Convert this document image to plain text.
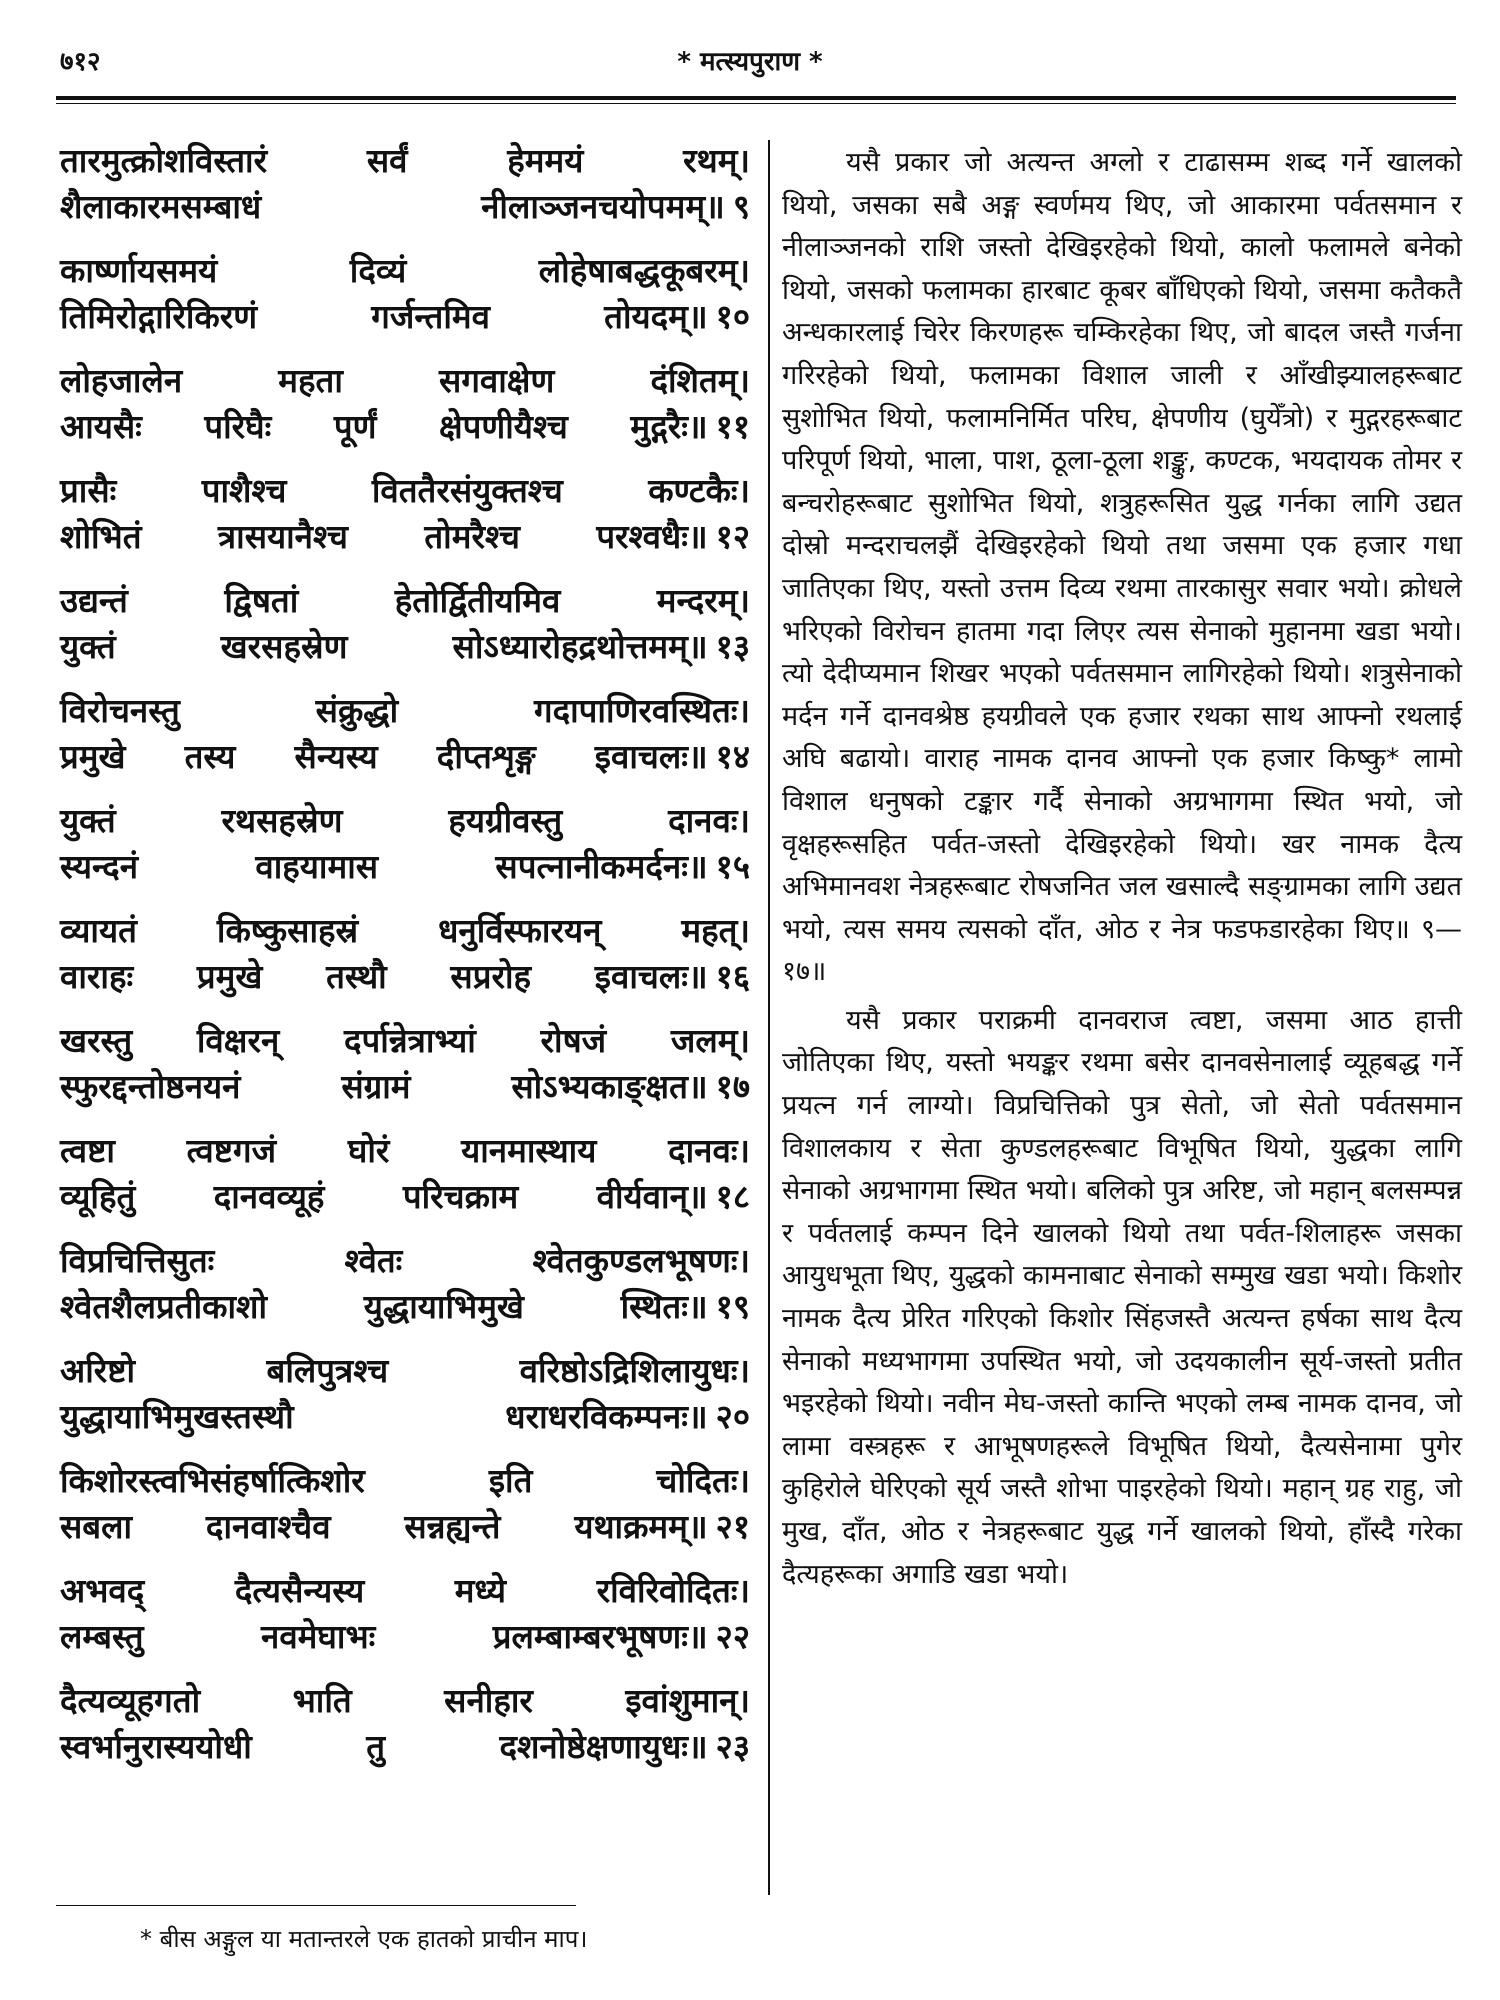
७१२	* मत्स्यपुराण *
तारमुत्क्रोशविस्तारं सर्वं हेममयं रथम्।
शैलाकारमसम्बाधं नीलाञ्जनचयोपमम्॥ ९
कार्ष्णायसमयं दिव्यं लोहेषाबद्धकूबरम्।
तिमिरोद्गारिकिरणं गर्जन्तमिव तोयदम्॥ १०
लोहजालेन महता सगवाक्षेण दंशितम्।
आयसैः परिघैः पूर्णं क्षेपणीयैश्च मुद्गरैः॥ ११
प्रासैः पाशैश्च विततैरसंयुक्तश्च कण्टकैः।
शोभितं त्रासयानैश्च तोमरैश्च परश्वधैः॥ १२
उद्यन्तं द्विषतां हेतोर्द्वितीयमिव मन्दरम्।
युक्तं खरसहस्रेण सोऽध्यारोहद्रथोत्तमम्॥ १३
विरोचनस्तु संक्रुद्धो गदापाणिरवस्थितः।
प्रमुखे तस्य सैन्यस्य दीप्तशृङ्ग इवाचलः॥ १४
युक्तं रथसहस्रेण हयग्रीवस्तु दानवः।
स्यन्दनं वाहयामास सपत्नानीकमर्दनः॥ १५
व्यायतं किष्कुसाहस्रं धनुर्विस्फारयन् महत्।
वाराहः प्रमुखे तस्थौ सप्ररोह इवाचलः॥ १६
खरस्तु विक्षरन् दर्पान्नेत्राभ्यां रोषजं जलम्।
स्फुरद्दन्तोष्ठनयनं संग्रामं सोऽभ्यकाङ्क्षत॥ १७
त्वष्टा त्वष्टगजं घोरं यानमास्थाय दानवः।
व्यूहितुं दानवव्यूहं परिचक्राम वीर्यवान्॥ १८
विप्रचित्तिसुतः श्वेतः श्वेतकुण्डलभूषणः।
श्वेतशैलप्रतीकाशो युद्धायाभिमुखे स्थितः॥ १९
अरिष्टो बलिपुत्रश्च वरिष्ठोऽद्रिशिलायुधः।
युद्धायाभिमुखस्तस्थौ धराधरविकम्पनः॥ २०
किशोरस्त्वभिसंहर्षात्किशोर इति चोदितः।
सबला दानवाश्चैव सन्नह्यन्ते यथाक्रमम्॥ २१
अभवद् दैत्यसैन्यस्य मध्ये रविरिवोदितः।
लम्बस्तु नवमेघाभः प्रलम्बाम्बरभूषणः॥ २२
दैत्यव्यूहगतो भाति सनीहार इवांशुमान्।
स्वर्भानुरास्ययोधी तु दशनोष्ठेक्षणायुधः॥ २३

यसै प्रकार जो अत्यन्त अग्लो र टाढासम्म शब्द गर्ने खालको थियो, जसका सबै अङ्ग स्वर्णमय थिए, जो आकारमा पर्वतसमान र नीलाञ्जनको राशि जस्तो देखिइरहेको थियो, कालो फलामले बनेको थियो, जसको फलामका हारबाट कूबर बाँधिएको थियो, जसमा कतैकतै अन्धकारलाई चिरेर किरणहरू चम्किरहेका थिए, जो बादल जस्तै गर्जना गरिरहेको थियो, फलामका विशाल जाली र आँखीझ्यालहरूबाट सुशोभित थियो, फलामनिर्मित परिघ, क्षेपणीय (घुयेँत्रो) र मुद्गरहरूबाट परिपूर्ण थियो, भाला, पाश, ठूला-ठूला शङ्कु, कण्टक, भयदायक तोमर र बन्चरोहरूबाट सुशोभित थियो, शत्रुहरूसित युद्ध गर्नका लागि उद्यत दोस्रो मन्दराचलझैं देखिइरहेको थियो तथा जसमा एक हजार गधा जातिएका थिए, यस्तो उत्तम दिव्य रथमा तारकासुर सवार भयो। क्रोधले भरिएको विरोचन हातमा गदा लिएर त्यस सेनाको मुहानमा खडा भयो। त्यो देदीप्यमान शिखर भएको पर्वतसमान लागिरहेको थियो। शत्रुसेनाको मर्दन गर्ने दानवश्रेष्ठ हयग्रीवले एक हजार रथका साथ आफ्नो रथलाई अघि बढायो। वाराह नामक दानव आफ्नो एक हजार किष्कु* लामो विशाल धनुषको टङ्कार गर्दै सेनाको अग्रभागमा स्थित भयो, जो वृक्षहरूसहित पर्वत-जस्तो देखिइरहेको थियो। खर नामक दैत्य अभिमानवश नेत्रहरूबाट रोषजनित जल खसाल्दै सङ्ग्रामका लागि उद्यत भयो, त्यस समय त्यसको दाँत, ओठ र नेत्र फडफडारहेका थिए॥ ९—१७॥

यसै प्रकार पराक्रमी दानवराज त्वष्टा, जसमा आठ हात्ती जोतिएका थिए, यस्तो भयङ्कर रथमा बसेर दानवसेनालाई व्यूहबद्ध गर्ने प्रयत्न गर्न लाग्यो। विप्रचित्तिको पुत्र सेतो, जो सेतो पर्वतसमान विशालकाय र सेता कुण्डलहरूबाट विभूषित थियो, युद्धका लागि सेनाको अग्रभागमा स्थित भयो। बलिको पुत्र अरिष्ट, जो महान् बलसम्पन्न र पर्वतलाई कम्पन दिने खालको थियो तथा पर्वत-शिलाहरू जसका आयुधभूता थिए, युद्धको कामनाबाट सेनाको सम्मुख खडा भयो। किशोर नामक दैत्य प्रेरित गरिएको किशोर सिंहजस्तै अत्यन्त हर्षका साथ दैत्य सेनाको मध्यभागमा उपस्थित भयो, जो उदयकालीन सूर्य-जस्तो प्रतीत भइरहेको थियो। नवीन मेघ-जस्तो कान्ति भएको लम्ब नामक दानव, जो लामा वस्त्रहरू र आभूषणहरूले विभूषित थियो, दैत्यसेनामा पुगेर कुहिरोले घेरिएको सूर्य जस्तै शोभा पाइरहेको थियो। महान् ग्रह राहु, जो मुख, दाँत, ओठ र नेत्रहरूबाट युद्ध गर्ने खालको थियो, हाँस्दै गरेका दैत्यहरूका अगाडि खडा भयो।

* बीस अङ्गुल या मतान्तरले एक हातको प्राचीन माप।
